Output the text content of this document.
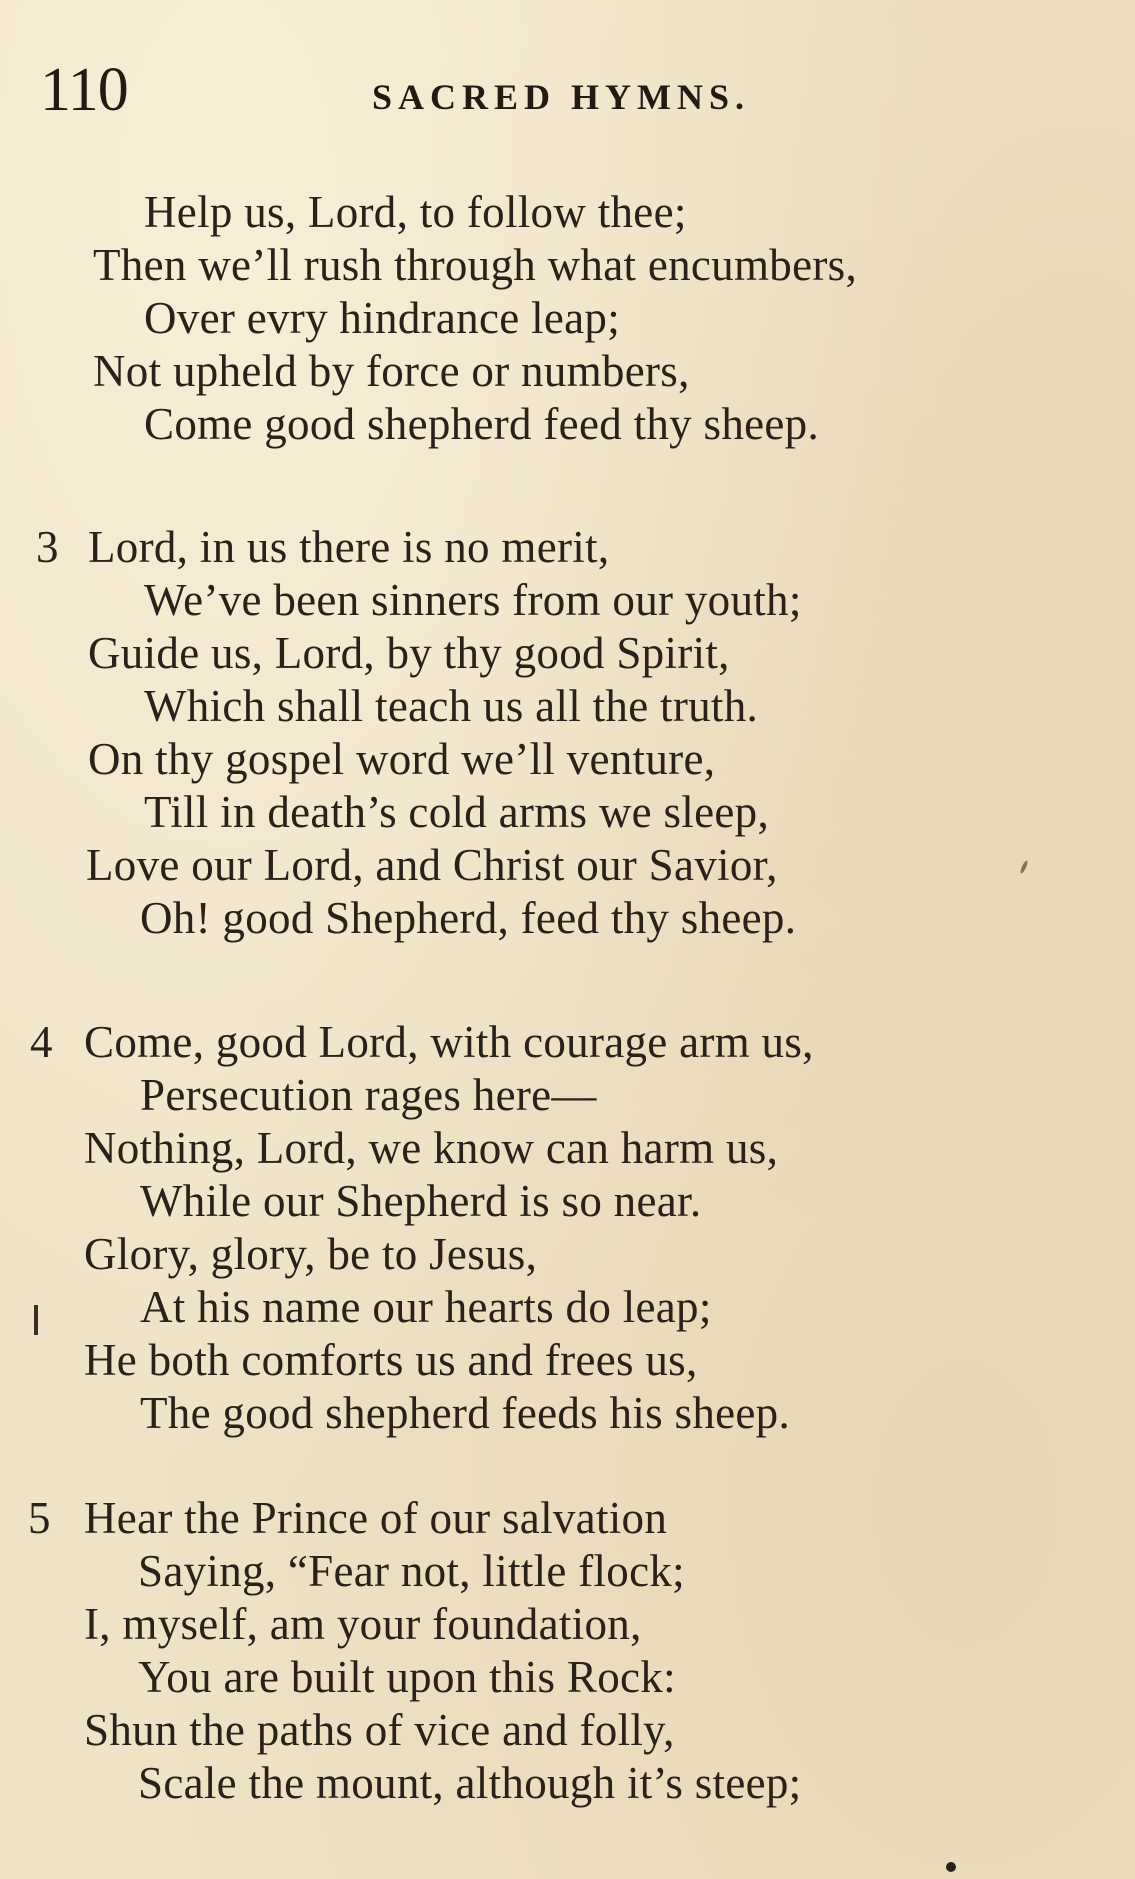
110	SACRED HYMNS.
Help us, Lord, to follow thee;
Then we’ll rush through what encumbers,
Over evry hindrance leap;
Not upheld by force or numbers,
Come good shepherd feed thy sheep.
3 Lord, in us there is no merit,
We’ve been sinners from our youth;
Guide us, Lord, by thy good Spirit,
Which shall teach us all the truth.
On thy gospel word we’ll venture,
Till in death’s cold arms we sleep,
Love our Lord, and Christ our Savior,
Oh! good Shepherd, feed thy sheep.
4 Come, good Lord, with courage arm us,
Persecution rages here—
Nothing, Lord, we know can harm us,
While our Shepherd is so near.
Glory, glory, be to Jesus,
At his name our hearts do leap;
He both comforts us and frees us,
The good shepherd feeds his sheep.
5 Hear the Prince of our salvation
Saying, “Fear not, little flock;
I, myself, am your foundation,
You are built upon this Rock:
Shun the paths of vice and folly,
Scale the mount, although it’s steep;
